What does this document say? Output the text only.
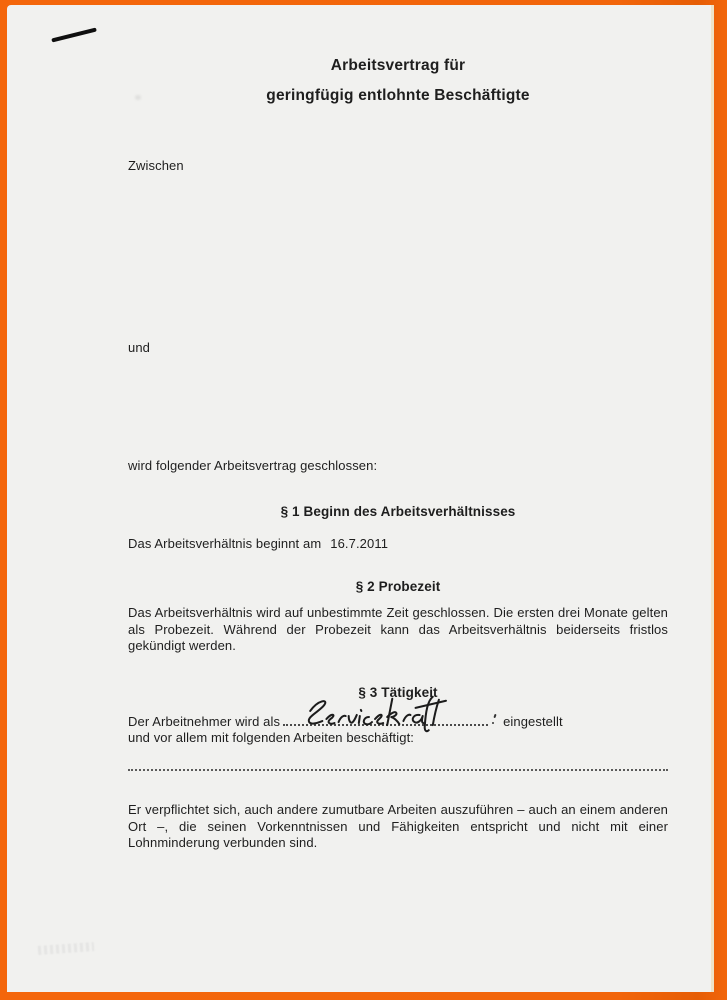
Arbeitsvertrag für
geringfügig entlohnte Beschäftigte
Zwischen
und
wird folgender Arbeitsvertrag geschlossen:
§ 1 Beginn des Arbeitsverhältnisses
Das Arbeitsverhältnis beginnt am 16.7.2011
§ 2 Probezeit
Das Arbeitsverhältnis wird auf unbestimmte Zeit geschlossen. Die ersten drei Monate gelten als Probezeit. Während der Probezeit kann das Arbeitsverhältnis beiderseits fristlos gekündigt werden.
§ 3 Tätigkeit
Der Arbeitnehmer wird als	eingestellt
und vor allem mit folgenden Arbeiten beschäftigt:
Er verpflichtet sich, auch andere zumutbare Arbeiten auszuführen – auch an einem anderen Ort –, die seinen Vorkenntnissen und Fähigkeiten entspricht und nicht mit einer Lohnminderung verbunden sind.
